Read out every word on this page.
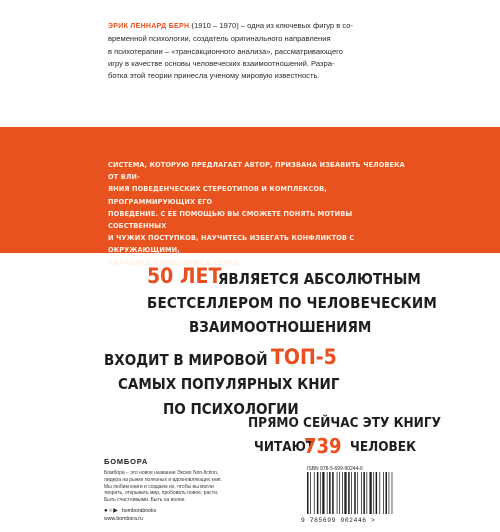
ЭРИК ЛЕННАРД БЕРН (1910 – 1970) – одна из ключевых фигур в со-
временной психологии, создатель оригинального направления
в психотерапии – «трансакционного анализа», рассматривающего
игру в качестве основы человеческих взаимоотношений. Разра-
ботка этой теории принесла ученому мировую известность.
СИСТЕМА, КОТОРУЮ ПРЕДЛАГАЕТ АВТОР, ПРИЗВАНА ИЗБАВИТЬ ЧЕЛОВЕКА ОТ ВЛИ-
ЯНИЯ ПОВЕДЕНЧЕСКИХ СТЕРЕОТИПОВ И КОМПЛЕКСОВ, ПРОГРАММИРУЮЩИХ ЕГО
ПОВЕДЕНИЕ. С ЕЕ ПОМОЩЬЮ ВЫ СМОЖЕТЕ ПОНЯТЬ МОТИВЫ СОБСТВЕННЫХ
И ЧУЖИХ ПОСТУПКОВ, НАУЧИТЕСЬ ИЗБЕГАТЬ КОНФЛИКТОВ С ОКРУЖАЮЩИМИ,
НАЛАДИТЕ ОТНОШЕНИЯ В СЕМЬЕ.
50 ЛЕТ
ЯВЛЯЕТСЯ АБСОЛЮТНЫМ
БЕСТСЕЛЛЕРОМ ПО ЧЕЛОВЕЧЕСКИМ
ВЗАИМООТНОШЕНИЯМ
ВХОДИТ В МИРОВОЙ ТОП-5
САМЫХ ПОПУЛЯРНЫХ КНИГ
ПО ПСИХОЛОГИИ
ПРЯМО СЕЙЧАС ЭТУ КНИГУ
ЧИТАЮТ
739 ЧЕЛОВЕК
БОМБОРА
Бомбора – это новое название Эксмо Non-fiction,
лидера на рынке полезных и вдохновляющих книг.
Мы любим книги и создаем их, чтобы вы могли
творить, открывать мир, пробовать новое, расти.
Быть счастливыми. Быть на волне.
●○▶ bomborabooks
www.bombora.ru
ISBN 978-5-699-90244-6
9 785699 902446 >
